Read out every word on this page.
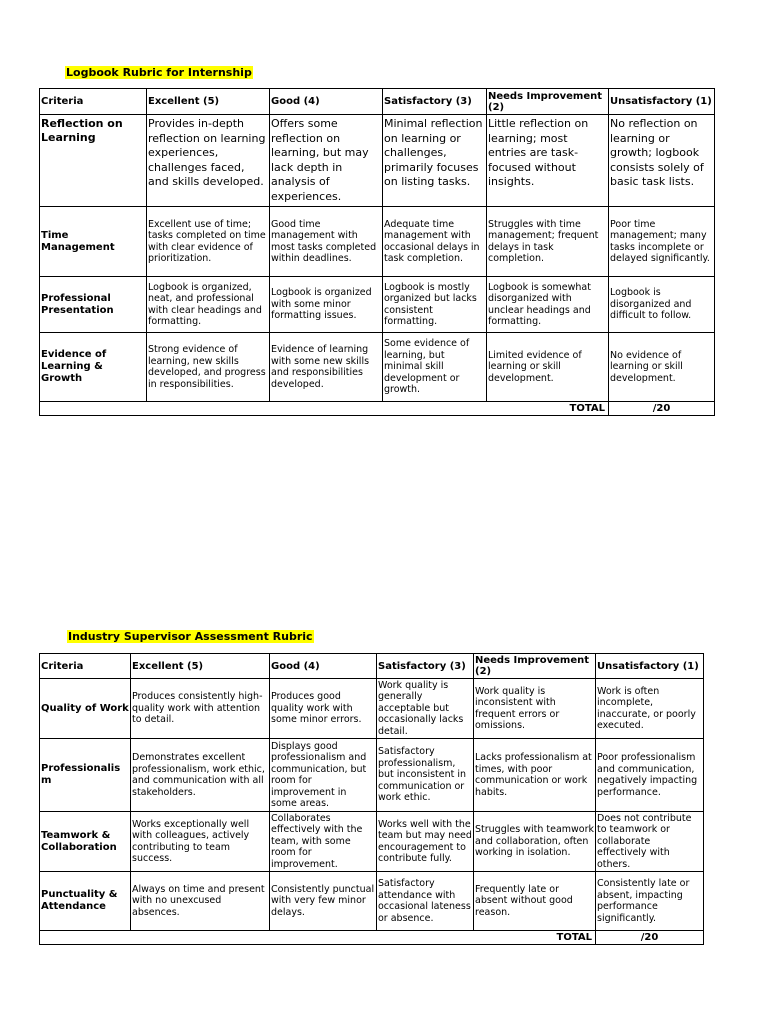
Logbook Rubric for Internship
Criteria	Excellent (5)	Good (4)	Satisfactory (3)	Needs Improvement (2)	Unsatisfactory (1)
Reflection on Learning	Provides in-depth reflection on learning experiences, challenges faced, and skills developed.	Offers some reflection on learning, but may lack depth in analysis of experiences.	Minimal reflection on learning or challenges, primarily focuses on listing tasks.	Little reflection on learning; most entries are task-focused without insights.	No reflection on learning or growth; logbook consists solely of basic task lists.
Time Management	Excellent use of time; tasks completed on time with clear evidence of prioritization.	Good time management with most tasks completed within deadlines.	Adequate time management with occasional delays in task completion.	Struggles with time management; frequent delays in task completion.	Poor time management; many tasks incomplete or delayed significantly.
Professional Presentation	Logbook is organized, neat, and professional with clear headings and formatting.	Logbook is organized with some minor formatting issues.	Logbook is mostly organized but lacks consistent formatting.	Logbook is somewhat disorganized with unclear headings and formatting.	Logbook is disorganized and difficult to follow.
Evidence of Learning & Growth	Strong evidence of learning, new skills developed, and progress in responsibilities.	Evidence of learning with some new skills and responsibilities developed.	Some evidence of learning, but minimal skill development or growth.	Limited evidence of learning or skill development.	No evidence of learning or skill development.
TOTAL					/20
Industry Supervisor Assessment Rubric
Criteria	Excellent (5)	Good (4)	Satisfactory (3)	Needs Improvement (2)	Unsatisfactory (1)
Quality of Work	Produces consistently high-quality work with attention to detail.	Produces good quality work with some minor errors.	Work quality is generally acceptable but occasionally lacks detail.	Work quality is inconsistent with frequent errors or omissions.	Work is often incomplete, inaccurate, or poorly executed.
Professionalism	Demonstrates excellent professionalism, work ethic, and communication with all stakeholders.	Displays good professionalism and communication, but room for improvement in some areas.	Satisfactory professionalism, but inconsistent in communication or work ethic.	Lacks professionalism at times, with poor communication or work habits.	Poor professionalism and communication, negatively impacting performance.
Teamwork & Collaboration	Works exceptionally well with colleagues, actively contributing to team success.	Collaborates effectively with the team, with some room for improvement.	Works well with the team but may need encouragement to contribute fully.	Struggles with teamwork and collaboration, often working in isolation.	Does not contribute to teamwork or collaborate effectively with others.
Punctuality & Attendance	Always on time and present with no unexcused absences.	Consistently punctual with very few minor delays.	Satisfactory attendance with occasional lateness or absence.	Frequently late or absent without good reason.	Consistently late or absent, impacting performance significantly.
TOTAL					/20
